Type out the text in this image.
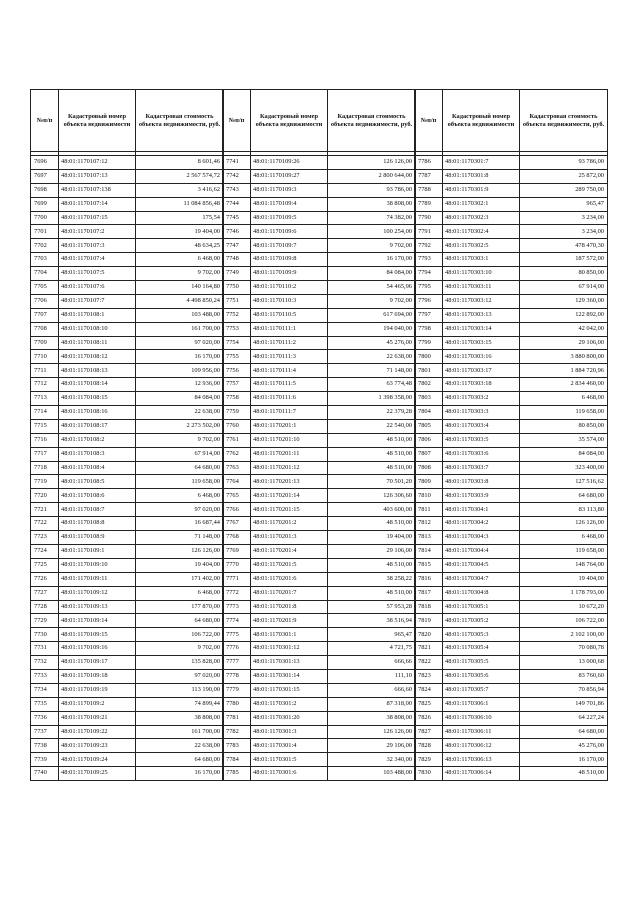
№п/п	Кадастровый номер объекта недвижимости	Кадастровая стоимость объекта недвижимости, руб.

7696	48:01:1170107:12	8 601,46
7697	48:01:1170107:13	2 567 574,72
7698	48:01:1170107:138	3 416,62
7699	48:01:1170107:14	11 084 856,48
7700	48:01:1170107:15	175,54
7701	48:01:1170107:2	19 404,00
7702	48:01:1170107:3	48 634,25
7703	48:01:1170107:4	6 468,00
7704	48:01:1170107:5	9 702,00
7705	48:01:1170107:6	140 164,80
7706	48:01:1170107:7	4 498 850,24
7707	48:01:1170108:1	103 488,00
7708	48:01:1170108:10	161 700,00
7709	48:01:1170108:11	97 020,00
7710	48:01:1170108:12	16 170,00
7711	48:01:1170108:13	109 956,00
7712	48:01:1170108:14	12 936,00
7713	48:01:1170108:15	84 084,00
7714	48:01:1170108:16	22 638,00
7715	48:01:1170108:17	2 273 502,00
7716	48:01:1170108:2	9 702,00
7717	48:01:1170108:3	67 914,00
7718	48:01:1170108:4	64 680,00
7719	48:01:1170108:5	119 658,00
7720	48:01:1170108:6	6 468,00
7721	48:01:1170108:7	97 020,00
7722	48:01:1170108:8	16 687,44
7723	48:01:1170108:9	71 148,00
7724	48:01:1170109:1	126 126,00
7725	48:01:1170109:10	19 404,00
7726	48:01:1170109:11	171 402,00
7727	48:01:1170109:12	6 468,00
7728	48:01:1170109:13	177 870,00
7729	48:01:1170109:14	64 680,00
7730	48:01:1170109:15	106 722,00
7731	48:01:1170109:16	9 702,00
7732	48:01:1170109:17	135 828,00
7733	48:01:1170109:18	97 020,00
7734	48:01:1170109:19	113 190,00
7735	48:01:1170109:2	74 899,44
7736	48:01:1170109:21	38 808,00
7737	48:01:1170109:22	161 700,00
7738	48:01:1170109:23	22 638,00
7739	48:01:1170109:24	64 680,00
7740	48:01:1170109:25	16 170,00
№п/п	Кадастровый номер объекта недвижимости	Кадастровая стоимость объекта недвижимости, руб.

7741	48:01:1170109:26	126 126,00
7742	48:01:1170109:27	2 800 644,00
7743	48:01:1170109:3	93 786,00
7744	48:01:1170109:4	38 808,00
7745	48:01:1170109:5	74 382,00
7746	48:01:1170109:6	100 254,00
7747	48:01:1170109:7	9 702,00
7748	48:01:1170109:8	16 170,00
7749	48:01:1170109:9	84 084,00
7750	48:01:1170110:2	54 465,96
7751	48:01:1170110:3	9 702,00
7752	48:01:1170110:5	617 694,00
7753	48:01:1170111:1	194 040,00
7754	48:01:1170111:2	45 276,00
7755	48:01:1170111:3	22 638,00
7756	48:01:1170111:4	71 148,00
7757	48:01:1170111:5	63 774,48
7758	48:01:1170111:6	1 398 358,00
7759	48:01:1170111:7	22 379,28
7760	48:01:1170201:1	22 540,00
7761	48:01:1170201:10	48 510,00
7762	48:01:1170201:11	48 510,00
7763	48:01:1170201:12	48 510,00
7764	48:01:1170201:13	70 501,20
7765	48:01:1170201:14	126 306,60
7766	48:01:1170201:15	403 600,00
7767	48:01:1170201:2	48 510,00
7768	48:01:1170201:3	19 404,00
7769	48:01:1170201:4	29 106,00
7770	48:01:1170201:5	48 510,00
7771	48:01:1170201:6	38 258,22
7772	48:01:1170201:7	48 510,00
7773	48:01:1170201:8	57 953,28
7774	48:01:1170201:9	38 516,94
7775	48:01:1170301:1	965,47
7776	48:01:1170301:12	4 721,75
7777	48:01:1170301:13	666,66
7778	48:01:1170301:14	111,10
7779	48:01:1170301:15	666,60
7780	48:01:1170301:2	87 318,00
7781	48:01:1170301:20	38 808,00
7782	48:01:1170301:3	126 126,00
7783	48:01:1170301:4	29 106,00
7784	48:01:1170301:5	32 340,00
7785	48:01:1170301:6	103 488,00
№п/п	Кадастровый номер объекта недвижимости	Кадастровая стоимость объекта недвижимости, руб.

7786	48:01:1170301:7	93 786,00
7787	48:01:1170301:8	25 872,00
7788	48:01:1170301:9	289 750,00
7789	48:01:1170302:1	965,47
7790	48:01:1170302:3	3 234,00
7791	48:01:1170302:4	3 234,00
7792	48:01:1170302:5	478 470,30
7793	48:01:1170303:1	187 572,00
7794	48:01:1170303:10	80 850,00
7795	48:01:1170303:11	67 914,00
7796	48:01:1170303:12	129 360,00
7797	48:01:1170303:13	122 892,00
7798	48:01:1170303:14	42 042,00
7799	48:01:1170303:15	29 106,00
7800	48:01:1170303:16	3 880 800,00
7801	48:01:1170303:17	1 884 720,96
7802	48:01:1170303:18	2 834 460,00
7803	48:01:1170303:2	6 468,00
7804	48:01:1170303:3	119 658,00
7805	48:01:1170303:4	80 850,00
7806	48:01:1170303:5	35 574,00
7807	48:01:1170303:6	84 084,00
7808	48:01:1170303:7	323 400,00
7809	48:01:1170303:8	127 516,62
7810	48:01:1170303:9	64 680,00
7811	48:01:1170304:1	83 113,80
7812	48:01:1170304:2	126 126,00
7813	48:01:1170304:3	6 468,00
7814	48:01:1170304:4	119 658,00
7815	48:01:1170304:5	148 764,00
7816	48:01:1170304:7	19 404,00
7817	48:01:1170304:8	1 178 793,00
7818	48:01:1170305:1	10 672,20
7819	48:01:1170305:2	106 722,00
7820	48:01:1170305:3	2 102 100,00
7821	48:01:1170305:4	70 080,78
7822	48:01:1170305:5	13 000,68
7823	48:01:1170305:6	83 760,60
7824	48:01:1170305:7	70 856,94
7825	48:01:1170306:1	149 701,86
7826	48:01:1170306:10	64 227,24
7827	48:01:1170306:11	64 680,00
7828	48:01:1170306:12	45 276,00
7829	48:01:1170306:13	16 170,00
7830	48:01:1170306:14	48 510,00
